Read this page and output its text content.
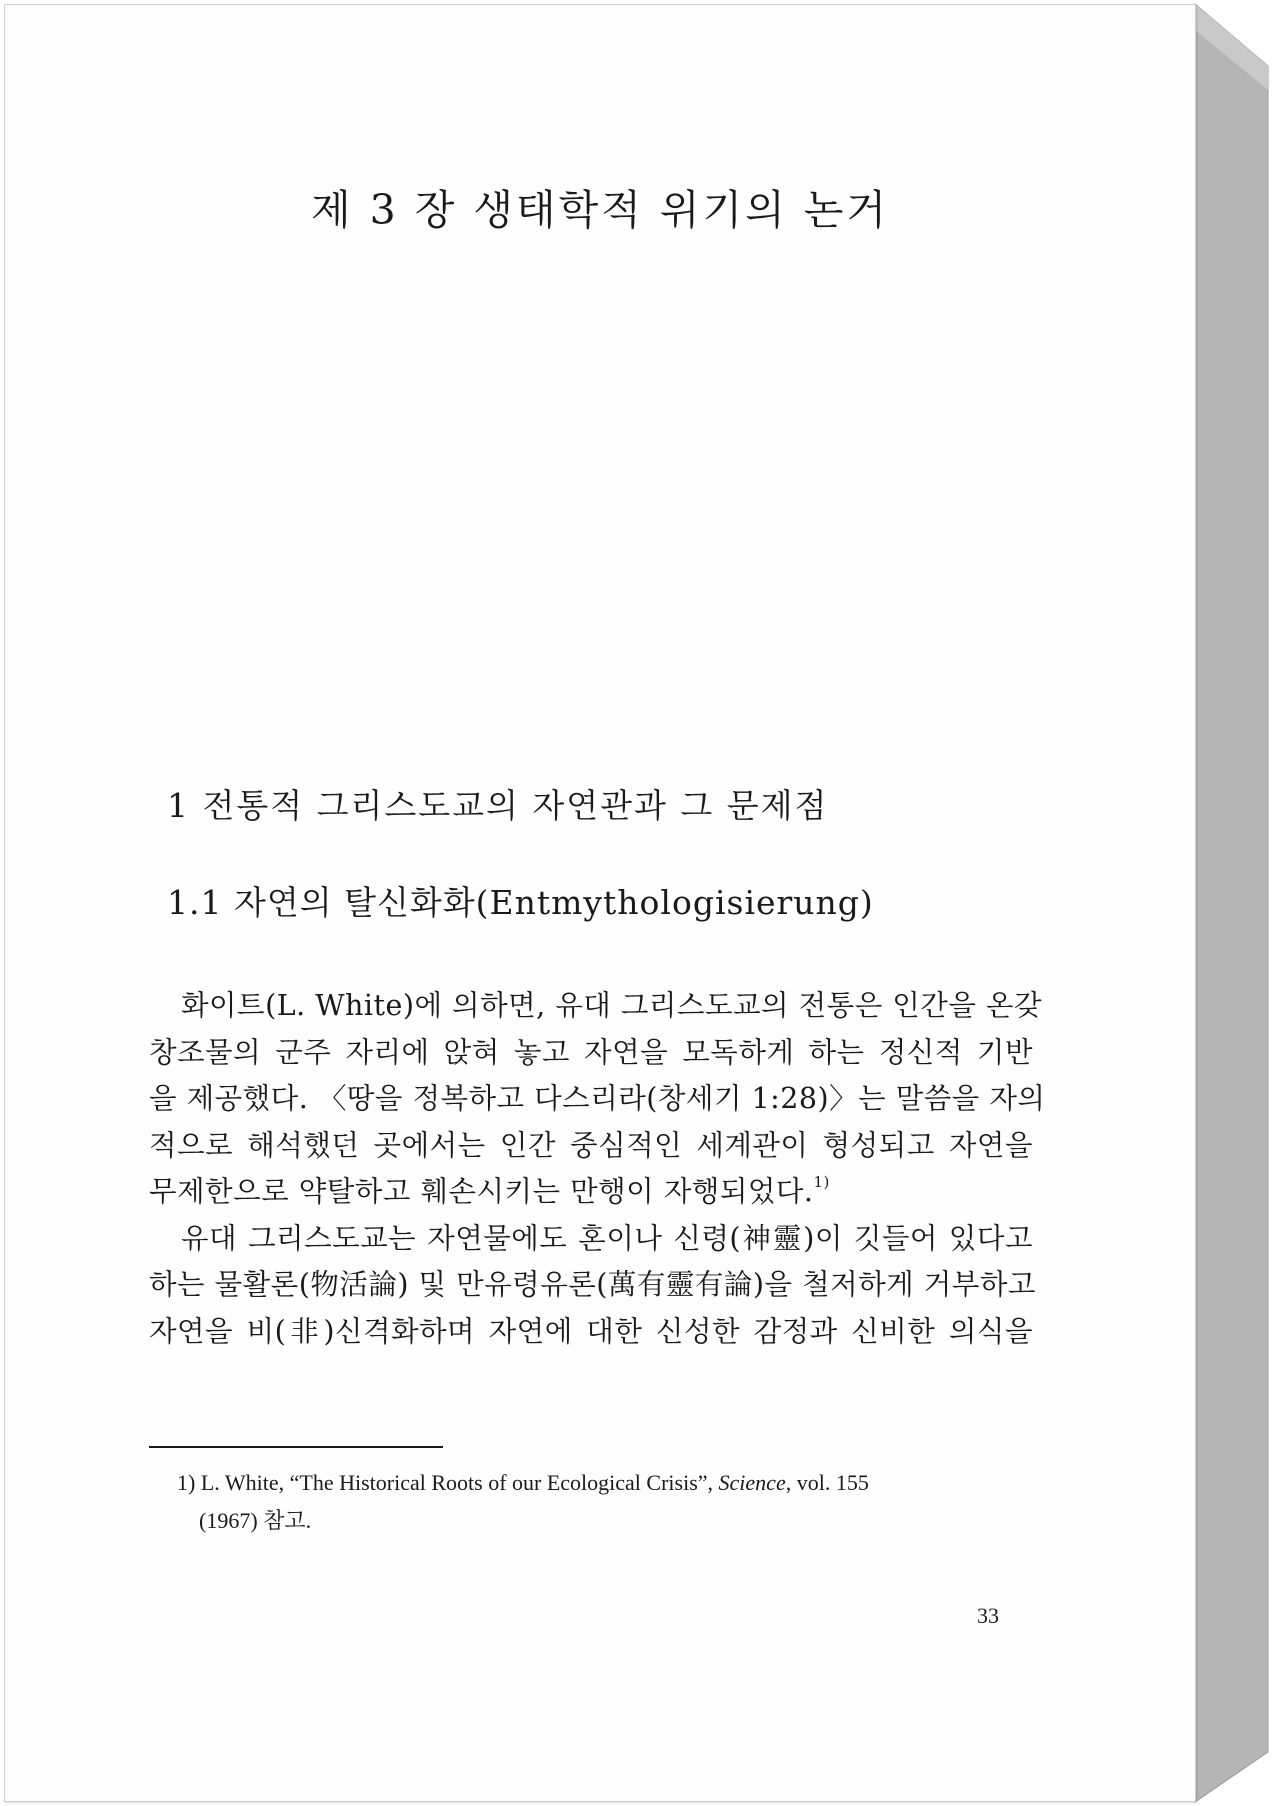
제 3 장 생태학적 위기의 논거
1 전통적 그리스도교의 자연관과 그 문제점
1.1 자연의 탈신화화(Entmythologisierung)
화이트(L. White)에 의하면, 유대 그리스도교의 전통은 인간을 온갖
창조물의 군주 자리에 앉혀 놓고 자연을 모독하게 하는 정신적 기반
을 제공했다. 〈땅을 정복하고 다스리라(창세기 1:28)〉는 말씀을 자의
적으로 해석했던 곳에서는 인간 중심적인 세계관이 형성되고 자연을
무제한으로 약탈하고 훼손시키는 만행이 자행되었다.$^{1)}$
유대 그리스도교는 자연물에도 혼이나 신령(神靈)이 깃들어 있다고
하는 물활론(物活論) 및 만유령유론(萬有靈有論)을 철저하게 거부하고
자연을 비(非)신격화하며 자연에 대한 신성한 감정과 신비한 의식을
1) L. White, “The Historical Roots of our Ecological Crisis”, Science, vol. 155
(1967) 참고.

33
